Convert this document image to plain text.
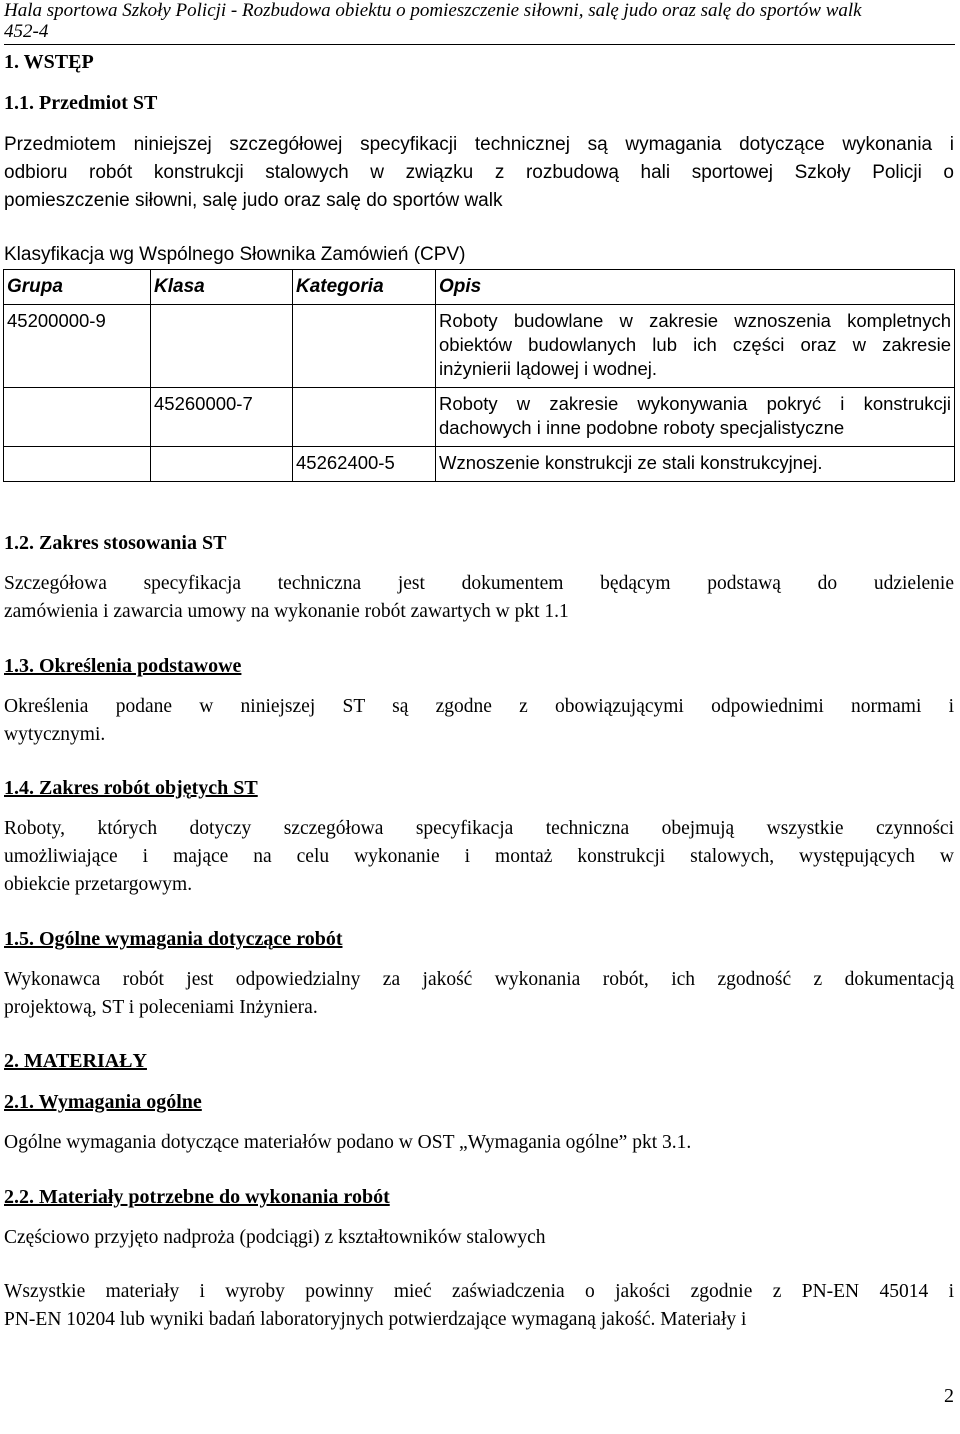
Hala sportowa Szkoły Policji - Rozbudowa obiektu o pomieszczenie siłowni, salę judo oraz salę do sportów walk
452-4
1. WSTĘP
1.1. Przedmiot ST
Przedmiotem niniejszej szczegółowej specyfikacji technicznej są wymagania dotyczące wykonania i
odbioru robót konstrukcji stalowych w związku z rozbudową hali sportowej Szkoły Policji o
pomieszczenie siłowni, salę judo oraz salę do sportów walk
Klasyfikacja wg Wspólnego Słownika Zamówień (CPV)
Grupa	Klasa	Kategoria	Opis
45200000-9			Roboty budowlane w zakresie wznoszenia kompletnych obiektów budowlanych lub ich części oraz w zakresie inżynierii lądowej i wodnej.
	45260000-7		Roboty w zakresie wykonywania pokryć i konstrukcji dachowych i inne podobne roboty specjalistyczne
		45262400-5	Wznoszenie konstrukcji ze stali konstrukcyjnej.
1.2. Zakres stosowania ST
Szczegółowa specyfikacja techniczna jest dokumentem będącym podstawą do udzielenie
zamówienia i zawarcia umowy na wykonanie robót zawartych w pkt 1.1
1.3. Określenia podstawowe
Określenia podane w niniejszej ST są zgodne z obowiązującymi odpowiednimi normami i
wytycznymi.
1.4. Zakres robót objętych ST
Roboty, których dotyczy szczegółowa specyfikacja techniczna obejmują wszystkie czynności
umożliwiające i mające na celu wykonanie i montaż konstrukcji stalowych, występujących w
obiekcie przetargowym.
1.5. Ogólne wymagania dotyczące robót
Wykonawca robót jest odpowiedzialny za jakość wykonania robót, ich zgodność z dokumentacją
projektową, ST i poleceniami Inżyniera.
2. MATERIAŁY
2.1. Wymagania ogólne
Ogólne wymagania dotyczące materiałów podano w OST „Wymagania ogólne” pkt 3.1.
2.2. Materiały potrzebne do wykonania robót
Częściowo przyjęto nadproża (podciągi) z kształtowników stalowych
Wszystkie materiały i wyroby powinny mieć zaświadczenia o jakości zgodnie z PN-EN 45014 i
PN-EN 10204 lub wyniki badań laboratoryjnych potwierdzające wymaganą jakość. Materiały i
2
